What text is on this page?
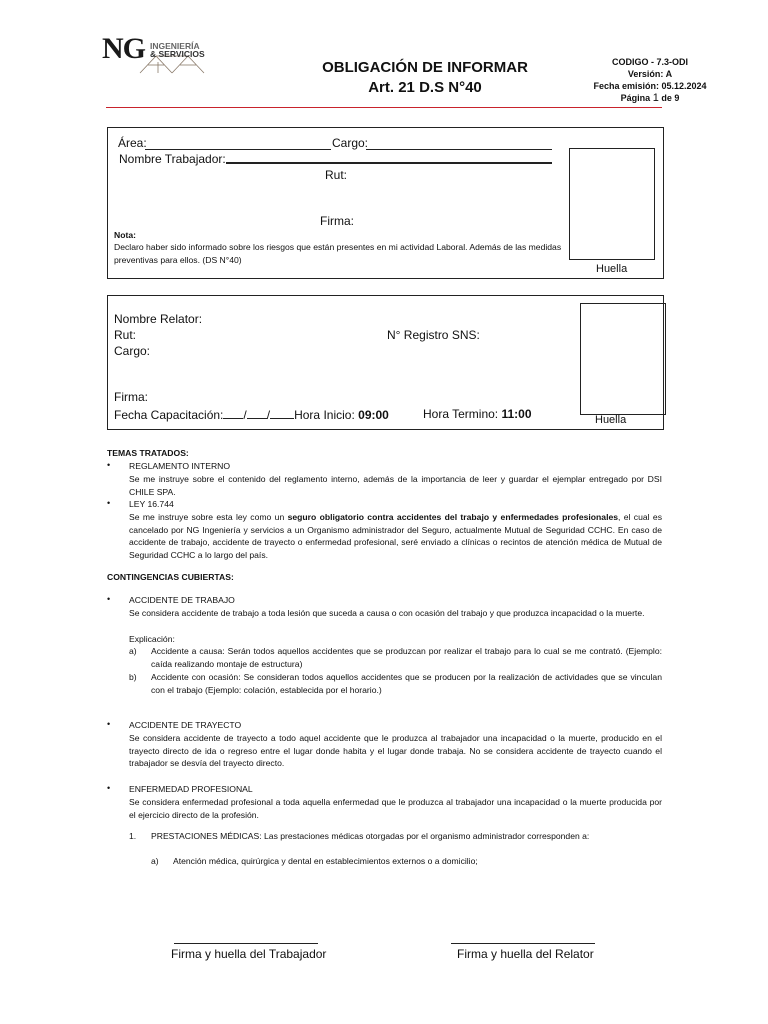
NG INGENIERÍA
& SERVICIOS
OBLIGACIÓN DE INFORMAR
Art. 21 D.S N°40
CODIGO - 7.3-ODI
Versión: A
Fecha emisión: 05.12.2024
Página 1 de 9
Área:	Cargo:
Nombre Trabajador:
Rut:
Firma:
Nota:
Declaro haber sido informado sobre los riesgos que están presentes en mi actividad Laboral. Además de las medidas preventivas para ellos. (DS N°40)
Huella
Nombre Relator:
Rut:	N° Registro SNS:
Cargo:
Firma:
Fecha Capacitación: / / Hora Inicio: 09:00	Hora Termino: 11:00	Huella
TEMAS TRATADOS:
• REGLAMENTO INTERNO
Se me instruye sobre el contenido del reglamento interno, además de la importancia de leer y guardar el ejemplar entregado por DSI CHILE SPA.
• LEY 16.744
Se me instruye sobre esta ley como un seguro obligatorio contra accidentes del trabajo y enfermedades profesionales, el cual es cancelado por NG Ingeniería y servicios a un Organismo administrador del Seguro, actualmente Mutual de Seguridad CCHC. En caso de accidente de trabajo, accidente de trayecto o enfermedad profesional, seré enviado a clínicas o recintos de atención médica de Mutual de Seguridad CCHC a lo largo del país.
CONTINGENCIAS CUBIERTAS:
• ACCIDENTE DE TRABAJO
Se considera accidente de trabajo a toda lesión que suceda a causa o con ocasión del trabajo y que produzca incapacidad o la muerte.
Explicación:
a) Accidente a causa: Serán todos aquellos accidentes que se produzcan por realizar el trabajo para lo cual se me contrató. (Ejemplo: caída realizando montaje de estructura)
b) Accidente con ocasión: Se consideran todos aquellos accidentes que se producen por la realización de actividades que se vinculan con el trabajo (Ejemplo: colación, establecida por el horario.)
• ACCIDENTE DE TRAYECTO
Se considera accidente de trayecto a todo aquel accidente que le produzca al trabajador una incapacidad o la muerte, producido en el trayecto directo de ida o regreso entre el lugar donde habita y el lugar donde trabaja. No se considera accidente de trayecto cuando el trabajador se desvía del trayecto directo.
• ENFERMEDAD PROFESIONAL
Se considera enfermedad profesional a toda aquella enfermedad que le produzca al trabajador una incapacidad o la muerte producida por el ejercicio directo de la profesión.
1. PRESTACIONES MÉDICAS: Las prestaciones médicas otorgadas por el organismo administrador corresponden a:
a) Atención médica, quirúrgica y dental en establecimientos externos o a domicilio;
Firma y huella del Trabajador	Firma y huella del Relator
